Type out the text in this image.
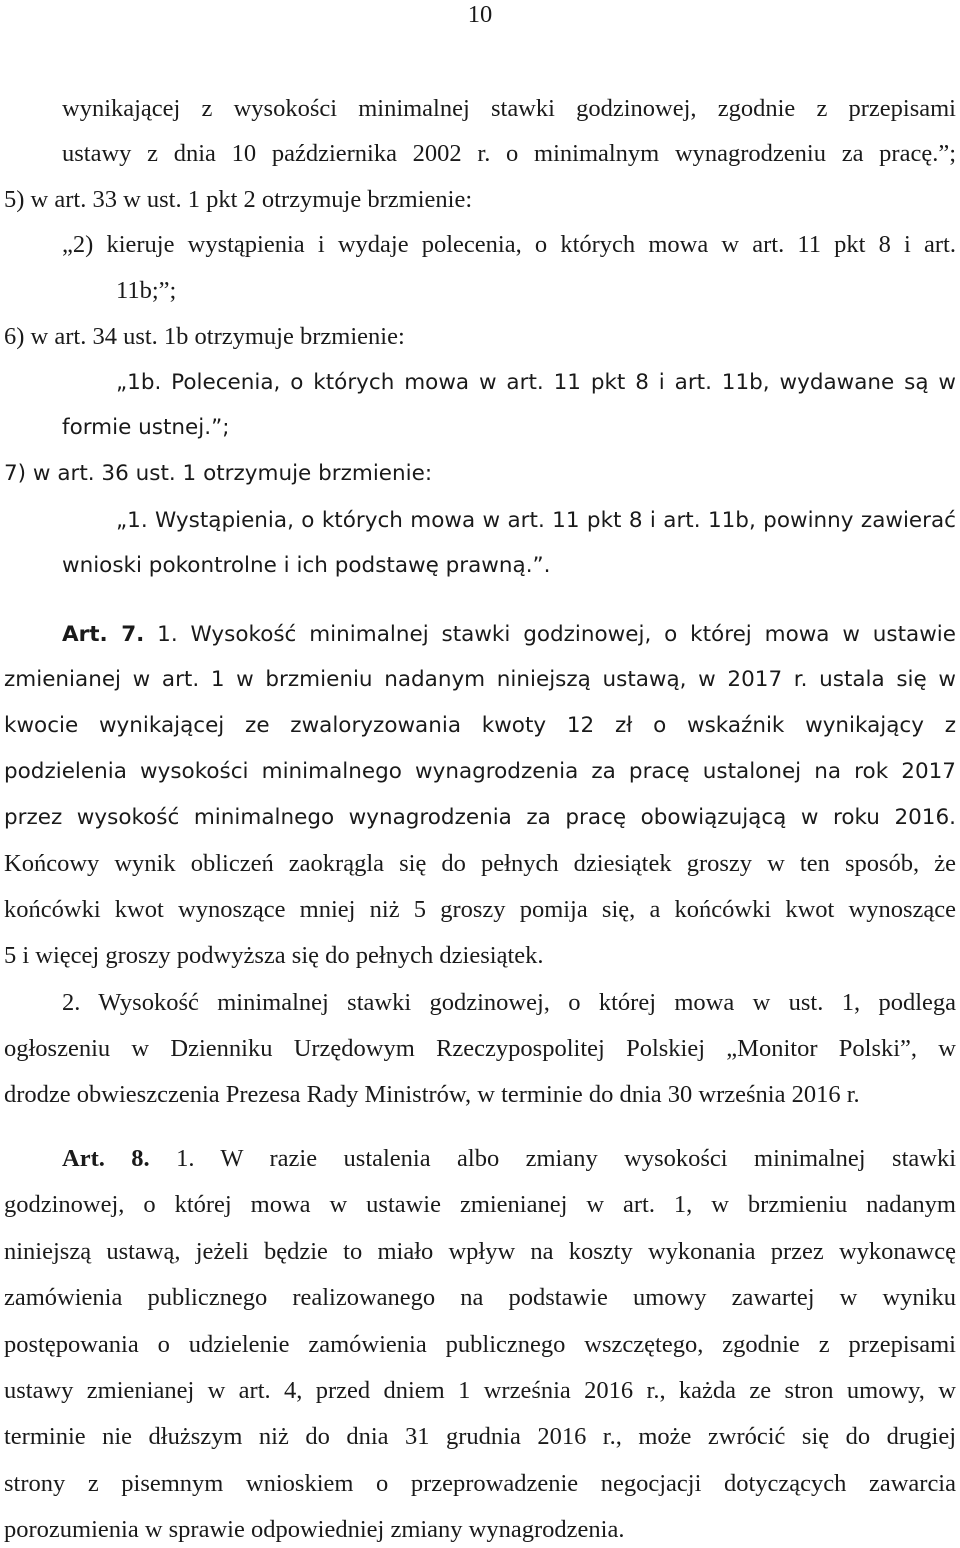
10

wynikającej z wysokości minimalnej stawki godzinowej, zgodnie z przepisami

ustawy z dnia 10 października 2002 r. o minimalnym wynagrodzeniu za pracę.”;

5) w art. 33 w ust. 1 pkt 2 otrzymuje brzmienie:

„2) kieruje wystąpienia i wydaje polecenia, o których mowa w art. 11 pkt 8 i art.

11b;”;

6) w art. 34 ust. 1b otrzymuje brzmienie:

„1b. Polecenia, o których mowa w art. 11 pkt 8 i art. 11b, wydawane są w

formie ustnej.”;

7) w art. 36 ust. 1 otrzymuje brzmienie:

„1. Wystąpienia, o których mowa w art. 11 pkt 8 i art. 11b, powinny zawierać

wnioski pokontrolne i ich podstawę prawną.”.

Art. 7. 1. Wysokość minimalnej stawki godzinowej, o której mowa w ustawie

zmienianej w art. 1 w brzmieniu nadanym niniejszą ustawą, w 2017 r. ustala się w

kwocie wynikającej ze zwaloryzowania kwoty 12 zł o wskaźnik wynikający z

podzielenia wysokości minimalnego wynagrodzenia za pracę ustalonej na rok 2017

przez wysokość minimalnego wynagrodzenia za pracę obowiązującą w roku 2016.

Końcowy wynik obliczeń zaokrągla się do pełnych dziesiątek groszy w ten sposób, że

końcówki kwot wynoszące mniej niż 5 groszy pomija się, a końcówki kwot wynoszące

5 i więcej groszy podwyższa się do pełnych dziesiątek.

2. Wysokość minimalnej stawki godzinowej, o której mowa w ust. 1, podlega

ogłoszeniu w Dzienniku Urzędowym Rzeczypospolitej Polskiej „Monitor Polski”, w

drodze obwieszczenia Prezesa Rady Ministrów, w terminie do dnia 30 września 2016 r.

Art. 8. 1. W razie ustalenia albo zmiany wysokości minimalnej stawki

godzinowej, o której mowa w ustawie zmienianej w art. 1, w brzmieniu nadanym

niniejszą ustawą, jeżeli będzie to miało wpływ na koszty wykonania przez wykonawcę

zamówienia publicznego realizowanego na podstawie umowy zawartej w wyniku

postępowania o udzielenie zamówienia publicznego wszczętego, zgodnie z przepisami

ustawy zmienianej w art. 4, przed dniem 1 września 2016 r., każda ze stron umowy, w

terminie nie dłuższym niż do dnia 31 grudnia 2016 r., może zwrócić się do drugiej

strony z pisemnym wnioskiem o przeprowadzenie negocjacji dotyczących zawarcia

porozumienia w sprawie odpowiedniej zmiany wynagrodzenia.
